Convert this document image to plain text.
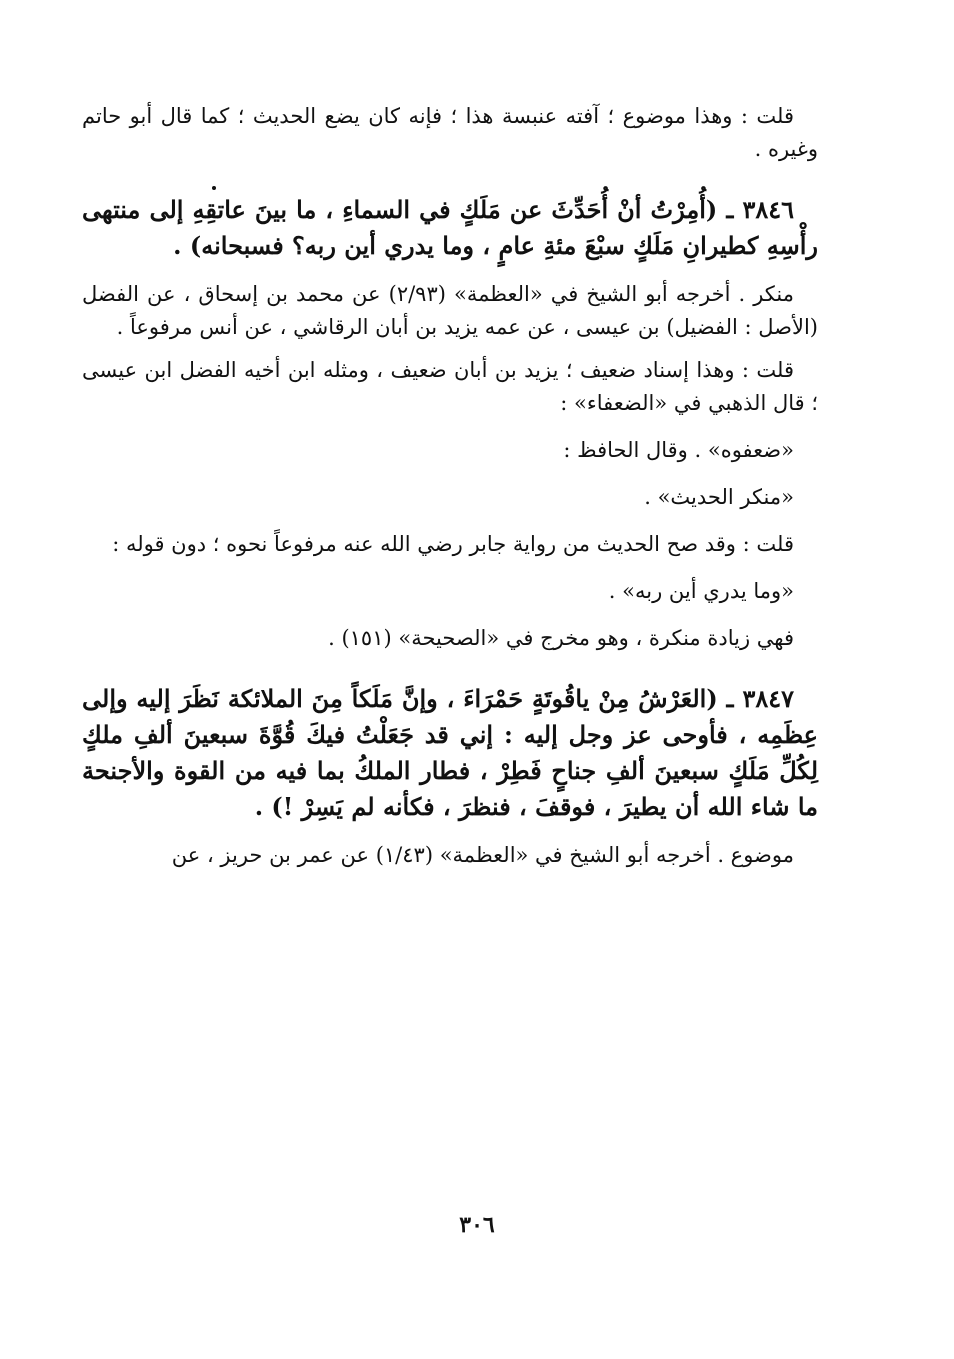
قلت : وهذا موضوع ؛ آفته عنبسة هذا ؛ فإنه كان يضع الحديث ؛ كما قال أبو حاتم وغيره .

٣٨٤٦ ـ (أُمِرْتُ أنْ أُحَدِّثَ عن مَلَكٍ في السماءِ ، ما بينَ عاتقِهِ إلى منتهى رأْسِهِ كطيرانِ مَلَكٍ سبْعَ مئةِ عامٍ ، وما يدري أين ربه؟ فسبحانه) .

منكر . أخرجه أبو الشيخ في «العظمة» (٢/٩٣) عن محمد بن إسحاق ، عن الفضل (الأصل : الفضيل) بن عيسى ، عن عمه يزيد بن أبان الرقاشي ، عن أنس مرفوعاً .

قلت : وهذا إسناد ضعيف ؛ يزيد بن أبان ضعيف ، ومثله ابن أخيه الفضل ابن عيسى ؛ قال الذهبي في «الضعفاء» :

«ضعفوه» . وقال الحافظ :

«منكر الحديث» .

قلت : وقد صح الحديث من رواية جابر رضي الله عنه مرفوعاً نحوه ؛ دون قوله :

«وما يدري أين ربه» .

فهي زيادة منكرة ، وهو مخرج في «الصحيحة» (١٥١) .

٣٨٤٧ ـ (العَرْشُ مِنْ ياقُوتَةٍ حَمْرَاءَ ، وإنَّ مَلَكاً مِنَ الملائكة نَظَرَ إليه وإلى عِظَمِه ، فأوحى عز وجل إليه : إني قد جَعَلْتُ فيكَ قُوَّةَ سبعينَ ألفِ ملكٍ لِكُلِّ مَلَكٍ سبعينَ ألفِ جناحٍ فَطِرْ ، فطار الملكُ بما فيه من القوة والأجنحة ما شاء الله أن يطيرَ ، فوقفَ ، فنظرَ ، فكأنه لم يَسِرْ !) .

موضوع . أخرجه أبو الشيخ في «العظمة» (١/٤٣) عن عمر بن حريز ، عن

٣٠٦
